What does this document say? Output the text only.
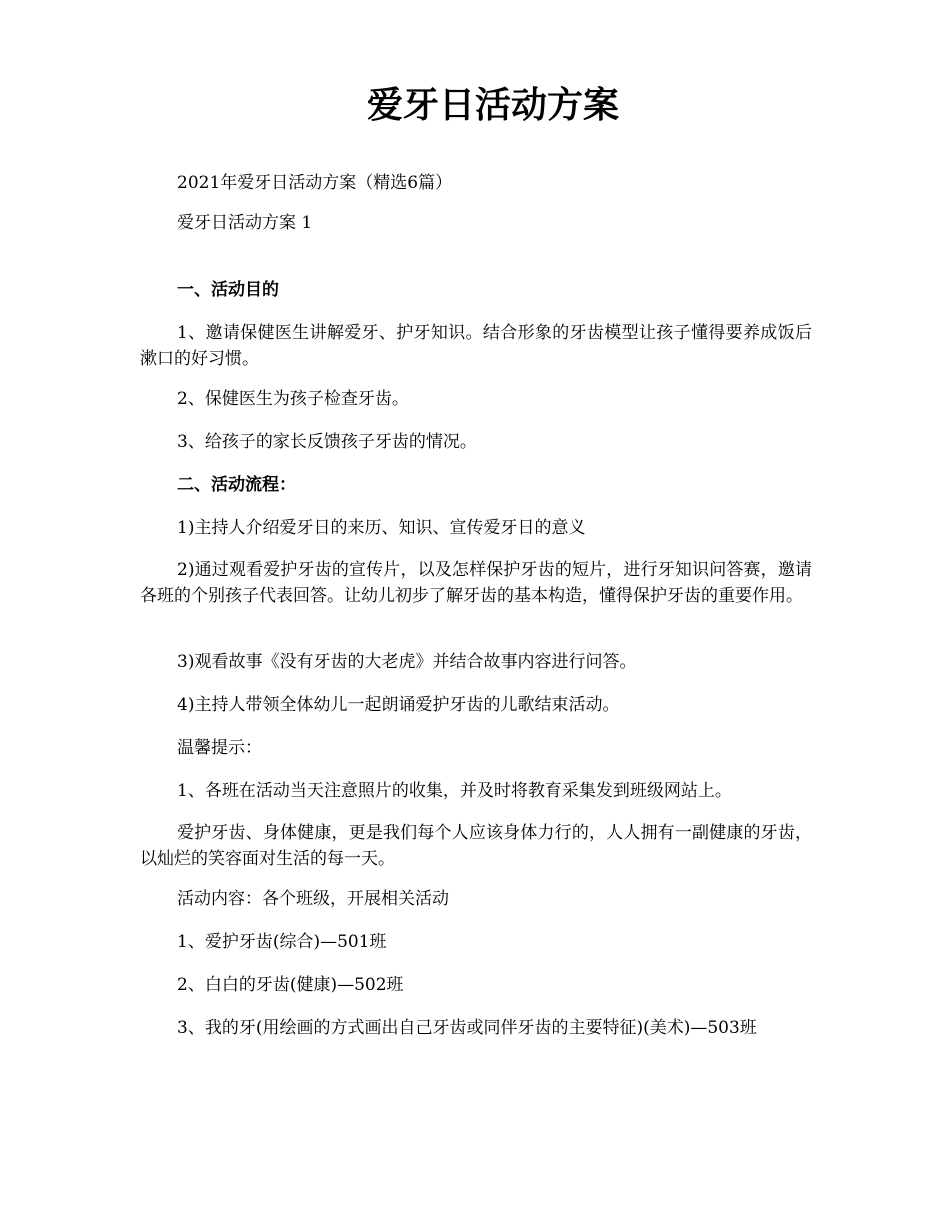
爱牙日活动方案

2021年爱牙日活动方案（精选6篇）

爱牙日活动方案 1

一、活动目的

1、邀请保健医生讲解爱牙、护牙知识。结合形象的牙齿模型让孩子懂得要养成饭后漱口的好习惯。

2、保健医生为孩子检查牙齿。

3、给孩子的家长反馈孩子牙齿的情况。

二、活动流程：

1)主持人介绍爱牙日的来历、知识、宣传爱牙日的意义

2)通过观看爱护牙齿的宣传片，以及怎样保护牙齿的短片，进行牙知识问答赛，邀请各班的个别孩子代表回答。让幼儿初步了解牙齿的基本构造，懂得保护牙齿的重要作用。

3)观看故事《没有牙齿的大老虎》并结合故事内容进行问答。

4)主持人带领全体幼儿一起朗诵爱护牙齿的儿歌结束活动。

温馨提示：

1、各班在活动当天注意照片的收集，并及时将教育采集发到班级网站上。

爱护牙齿、身体健康，更是我们每个人应该身体力行的，人人拥有一副健康的牙齿，以灿烂的笑容面对生活的每一天。

活动内容：各个班级，开展相关活动

1、爱护牙齿(综合)—501班

2、白白的牙齿(健康)—502班

3、我的牙(用绘画的方式画出自己牙齿或同伴牙齿的主要特征)(美术)—503班
